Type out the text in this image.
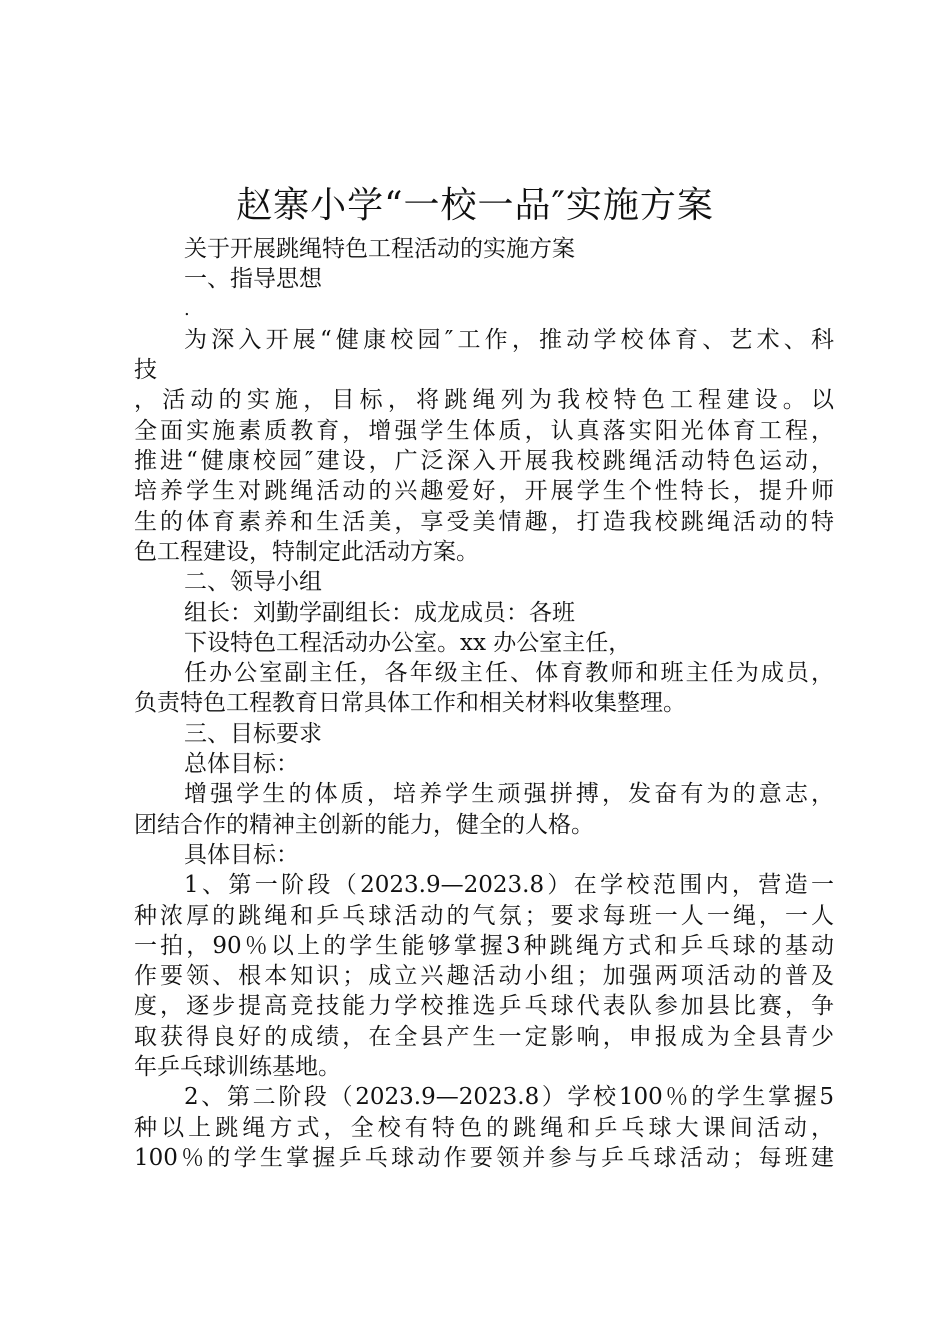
赵寨小学“一校一品″实施方案
关于开展跳绳特色工程活动的实施方案
一、指导思想
.
为深入开展“健康校园″工作，推动学校体育、艺术、科
技
，活动的实施，目标，将跳绳列为我校特色工程建设。以
全面实施素质教育，增强学生体质，认真落实阳光体育工程，
推进“健康校园″建设，广泛深入开展我校跳绳活动特色运动，
培养学生对跳绳活动的兴趣爱好，开展学生个性特长，提升师
生的体育素养和生活美，享受美情趣，打造我校跳绳活动的特
色工程建设，特制定此活动方案。
二、领导小组
组长：刘勤学副组长：成龙成员：各班
下设特色工程活动办公室。xx 办公室主任，
任办公室副主任，各年级主任、体育教师和班主任为成员，
负责特色工程教育日常具体工作和相关材料收集整理。
三、目标要求
总体目标：
增强学生的体质，培养学生顽强拼搏，发奋有为的意志，
团结合作的精神主创新的能力，健全的人格。
具体目标：
1、第一阶段（2023.9—2023.8）在学校范围内，营造一
种浓厚的跳绳和乒乓球活动的气氛；要求每班一人一绳，一人
一拍，90％以上的学生能够掌握3种跳绳方式和乒乓球的基动
作要领、根本知识；成立兴趣活动小组；加强两项活动的普及
度，逐步提高竞技能力学校推选乒乓球代表队参加县比赛，争
取获得良好的成绩，在全县产生一定影响，申报成为全县青少
年乒乓球训练基地。
2、第二阶段（2023.9—2023.8）学校100％的学生掌握5
种以上跳绳方式，全校有特色的跳绳和乒乓球大课间活动，
100％的学生掌握乒乓球动作要领并参与乒乓球活动；每班建
